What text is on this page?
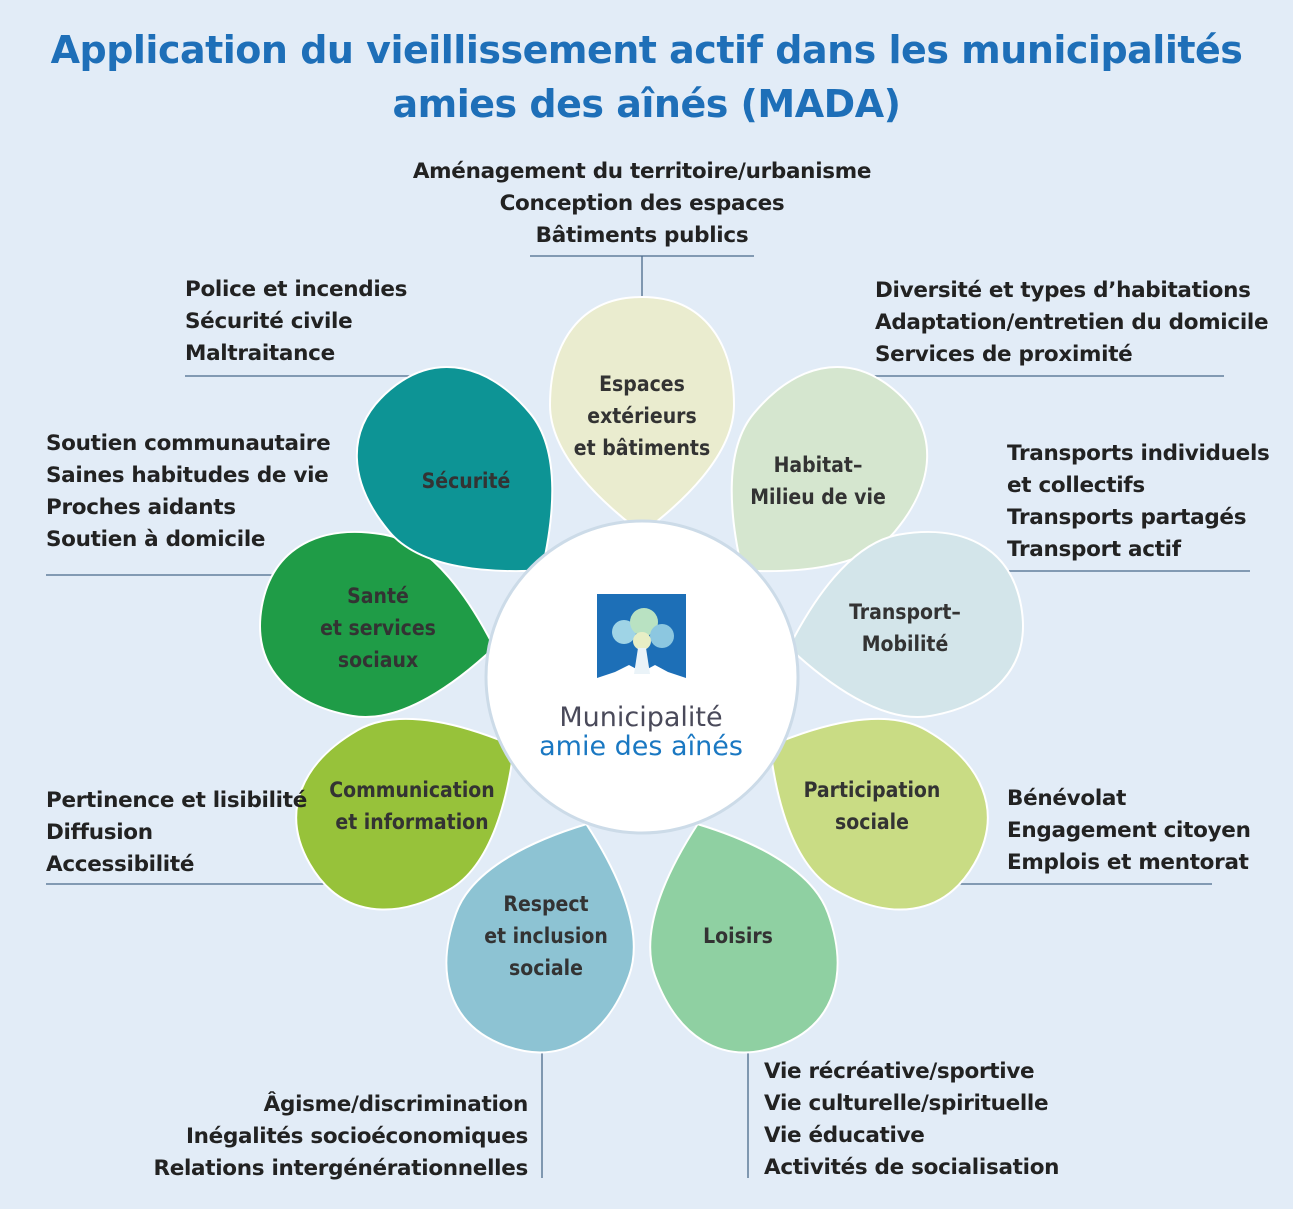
Application du vieillissement actif dans les municipalités
amies des aînés (MADA)
Espaces
extérieurs
et bâtiments
Habitat–
Milieu de vie
Transport–
Mobilité
Participation
sociale
Loisirs
Respect
et inclusion
sociale
Communication
et information
Santé
et services
sociaux
Sécurité
Municipalité
amie des aînés
Aménagement du territoire/urbanisme
Conception des espaces
Bâtiments publics
Police et incendies
Sécurité civile
Maltraitance
Diversité et types d’habitations
Adaptation/entretien du domicile
Services de proximité
Soutien communautaire
Saines habitudes de vie
Proches aidants
Soutien à domicile
Transports individuels
et collectifs
Transports partagés
Transport actif
Pertinence et lisibilité
Diffusion
Accessibilité
Bénévolat
Engagement citoyen
Emplois et mentorat
Âgisme/discrimination
Inégalités socioéconomiques
Relations intergénérationnelles
Vie récréative/sportive
Vie culturelle/spirituelle
Vie éducative
Activités de socialisation
